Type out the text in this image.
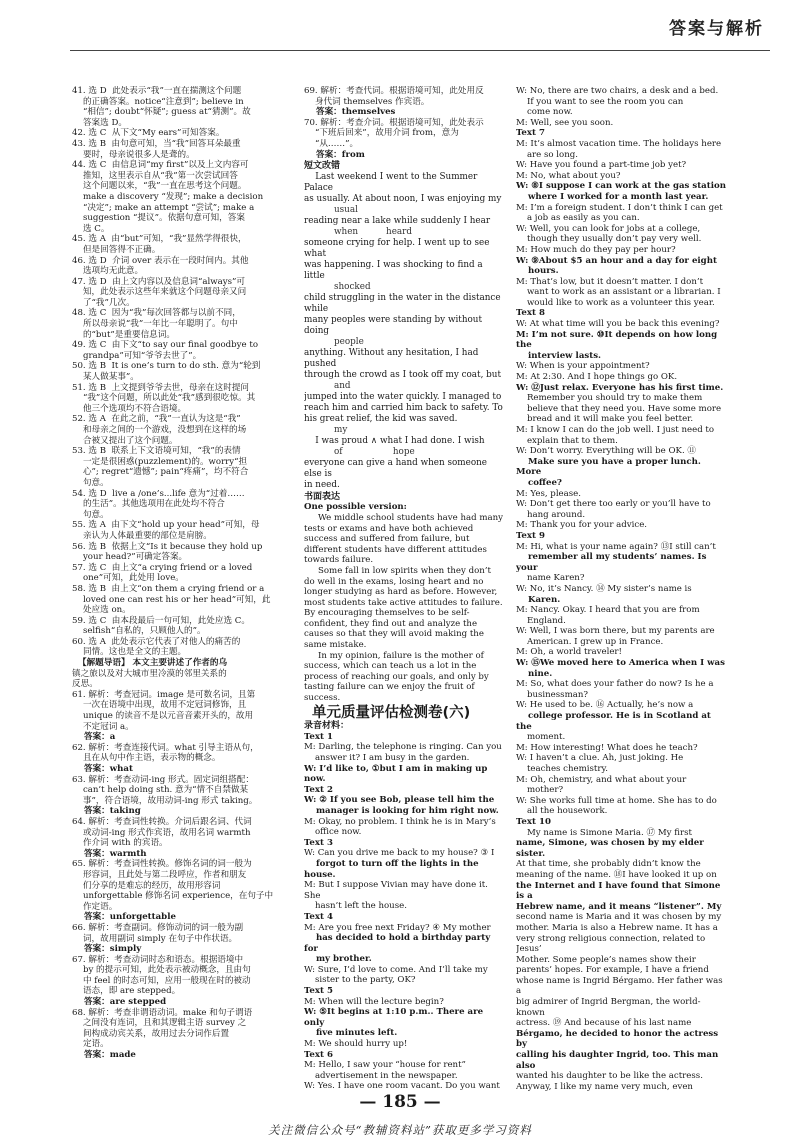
答案与解析
41. 选 D  此处表示“我”一直在揣测这个问题
的正确答案。notice“注意到”; believe in
“相信”; doubt“怀疑”; guess at“猜测”。故
答案选 D。
42. 选 C  从下文“My ears”可知答案。
43. 选 B  由句意可知，当“我”回答耳朵最重
要时，母亲说很多人是聋的。
44. 选 C  由信息词“my first”以及上文内容可
推知，这里表示自从“我”第一次尝试回答
这个问题以来，“我”一直在思考这个问题。
make a discovery “发现”; make a decision
“决定”; make an attempt “尝试”; make a
suggestion “提议”。依据句意可知，答案
选 C。
45. 选 A  由“but”可知，“我”显然学得很快，
但是回答得不正确。
46. 选 D  介词 over 表示在一段时间内。其他
选项均无此意。
47. 选 D  由上文内容以及信息词“always”可
知，此处表示这些年来就这个问题母亲又问
了“我”几次。
48. 选 C  因为“我”每次回答都与以前不同，
所以母亲说“我”一年比一年聪明了。句中
的“but”是重要信息词。
49. 选 C  由下文“to say our final goodbye to
grandpa”可知“爷爷去世了”。
50. 选 B  It is one’s turn to do sth. 意为“轮到
某人做某事”。
51. 选 B  上文提到爷爷去世，母亲在这时提问
“我”这个问题，所以此处“我”感到很吃惊。其
他三个选项均不符合语境。
52. 选 A  在此之前，“我”一直认为这是“我”
和母亲之间的一个游戏，没想到在这样的场
合被又提出了这个问题。
53. 选 B  联系上下文语境可知，“我”的表情
一定是很困惑(puzzlement)的。worry“担
心”; regret“遗憾”; pain“疼痛”，均不符合
句意。
54. 选 D  live a /one’s...life 意为“过着……
的生活”。其他选项用在此处均不符合
句意。
55. 选 A  由下文“hold up your head”可知，母
亲认为人体最重要的部位是肩膀。
56. 选 B  依据上文“Is it because they hold up
your head?”可确定答案。
57. 选 C  由上文“a crying friend or a loved
one”可知，此处用 love。
58. 选 B  由上文“on them a crying friend or a
loved one can rest his or her head”可知，此
处应选 on。
59. 选 C  由本段最后一句可知，此处应选 C。
selfish“自私的，只顾他人的”。
60. 选 A  此处表示它代表了对他人的痛苦的
同情。这也是全文的主题。
【解题导语】 本文主要讲述了作者的乌
镇之旅以及对大城市里冷漠的邻里关系的
反思。
61. 解析：考查冠词。image 是可数名词，且第
一次在语境中出现，故用不定冠词修饰，且
unique 的读音不是以元音音素开头的，故用
不定冠词 a。
答案：a
62. 解析：考查连接代词。what 引导主语从句，
且在从句中作主语，表示物的概念。
答案：what
63. 解析：考查动词-ing 形式。固定词组搭配：
can’t help doing sth. 意为“情不自禁做某
事”，符合语境，故用动词-ing 形式 taking。
答案：taking
64. 解析：考查词性转换。介词后跟名词、代词
或动词-ing 形式作宾语，故用名词 warmth
作介词 with 的宾语。
答案：warmth
65. 解析：考查词性转换。修饰名词的词一般为
形容词，且此处与第二段呼应，作者和朋友
们分享的是难忘的经历，故用形容词
unforgettable 修饰名词 experience，在句子中
作定语。
答案：unforgettable
66. 解析：考查副词。修饰动词的词一般为副
词，故用副词 simply 在句子中作状语。
答案：simply
67. 解析：考查动词时态和语态。根据语境中
by 的提示可知，此处表示被动概念，且由句
中 feel 的时态可知，应用一般现在时的被动
语态，即 are stepped。
答案：are stepped
68. 解析：考查非谓语动词。make 和句子谓语
之间没有连词，且和其逻辑主语 survey 之
间构成动宾关系，故用过去分词作后置
定语。
答案：made
69. 解析：考查代词。根据语境可知，此处用反
身代词 themselves 作宾语。
答案：themselves
70. 解析：考查介词。根据语境可知，此处表示
“下班后回来”，故用介词 from，意为
“从……”。
答案：from
短文改错
Last weekend I went to the Summer Palace
as usually. At about noon, I was enjoying my
usual
reading near a lake while suddenly I hear
when          heard
someone crying for help. I went up to see what
was happening. I was shocking to find a little
shocked
child struggling in the water in the distance while
many peoples were standing by without doing
people
anything. Without any hesitation, I had pushed
through the crowd as I took off my coat, but
and
jumped into the water quickly. I managed to
reach him and carried him back to safety. To
his great relief, the kid was saved.
my
I was proud ∧ what I had done. I wish
of                  hope
everyone can give a hand when someone else is
in need.
书面表达
One possible version:
We middle school students have had many tests or exams and have both achieved success and suffered from failure, but different students have different attitudes towards failure.
Some fall in low spirits when they don’t do well in the exams, losing heart and no longer studying as hard as before. However, most students take active attitudes to failure. By encouraging themselves to be self-confident, they find out and analyze the causes so that they will avoid making the same mistake.
In my opinion, failure is the mother of success, which can teach us a lot in the process of reaching our goals, and only by tasting failure can we enjoy the fruit of success.
单元质量评估检测卷(六)
录音材料：
Text 1
M: Darling, the telephone is ringing. Can you
answer it? I am busy in the garden.
W: I’d like to, ①but I am in making up now.
Text 2
W: ② If you see Bob, please tell him the
manager is looking for him right now.
M: Okay, no problem. I think he is in Mary’s
office now.
Text 3
W: Can you drive me back to my house? ③ I
forgot to turn off the lights in the house.
M: But I suppose Vivian may have done it. She
hasn’t left the house.
Text 4
M: Are you free next Friday? ④ My mother
has decided to hold a birthday party for
my brother.
W: Sure, I’d love to come. And I’ll take my
sister to the party, OK?
Text 5
M: When will the lecture begin?
W: ⑤It begins at 1:10 p.m.. There are only
five minutes left.
M: We should hurry up!
Text 6
M: Hello, I saw your “house for rent”
advertisement in the newspaper.
W: Yes. I have one room vacant. Do you want
W: No, there are two chairs, a desk and a bed.
If you want to see the room you can
come now.
M: Well, see you soon.
Text 7
M: It’s almost vacation time. The holidays here
are so long.
W: Have you found a part-time job yet?
M: No, what about you?
W: ⑧I suppose I can work at the gas station
where I worked for a month last year.
M: I’m a foreign student. I don’t think I can get
a job as easily as you can.
W: Well, you can look for jobs at a college,
though they usually don’t pay very well.
M: How much do they pay per hour?
W: ⑨About $5 an hour and a day for eight
hours.
M: That’s low, but it doesn’t matter. I don’t
want to work as an assistant or a librarian. I
would like to work as a volunteer this year.
Text 8
W: At what time will you be back this evening?
M: I’m not sure. ⑩It depends on how long the
interview lasts.
W: When is your appointment?
M: At 2:30. And I hope things go OK.
W: ⑫Just relax. Everyone has his first time.
Remember you should try to make them
believe that they need you. Have some more
bread and it will make you feel better.
M: I know I can do the job well. I just need to
explain that to them.
W: Don’t worry. Everything will be OK. ⑪
Make sure you have a proper lunch. More
coffee?
M: Yes, please.
W: Don’t get there too early or you’ll have to
hang around.
M: Thank you for your advice.
Text 9
M: Hi, what is your name again? ⑬I still can’t
remember all my students’ names. Is your
name Karen?
W: No, it’s Nancy. ⑭ My sister’s name is
Karen.
M: Nancy. Okay. I heard that you are from
England.
W: Well, I was born there, but my parents are
American. I grew up in France.
M: Oh, a world traveler!
W: ⑮We moved here to America when I was
nine.
M: So, what does your father do now? Is he a
businessman?
W: He used to be. ⑯ Actually, he’s now a
college professor. He is in Scotland at the
moment.
M: How interesting! What does he teach?
W: I haven’t a clue. Ah, just joking. He
teaches chemistry.
M: Oh, chemistry, and what about your
mother?
W: She works full time at home. She has to do
all the housework.
Text 10
My name is Simone Maria. ⑰ My first
name, Simone, was chosen by my elder sister.
At that time, she probably didn’t know the
meaning of the name. ⑱I have looked it up on
the Internet and I have found that Simone is a
Hebrew name, and it means “listener”. My
second name is Maria and it was chosen by my
mother. Maria is also a Hebrew name. It has a
very strong religious connection, related to Jesus’
Mother. Some people’s names show their
parents’ hopes. For example, I have a friend
whose name is Ingrid Bérgamo. Her father was a
big admirer of Ingrid Bergman, the world-known
actress. ⑲ And because of his last name
Bérgamo, he decided to honor the actress by
calling his daughter Ingrid, too. This man also
wanted his daughter to be like the actress.
Anyway, I like my name very much, even
— 185 —
关注微信公众号“教辅资料站”获取更多学习资料
